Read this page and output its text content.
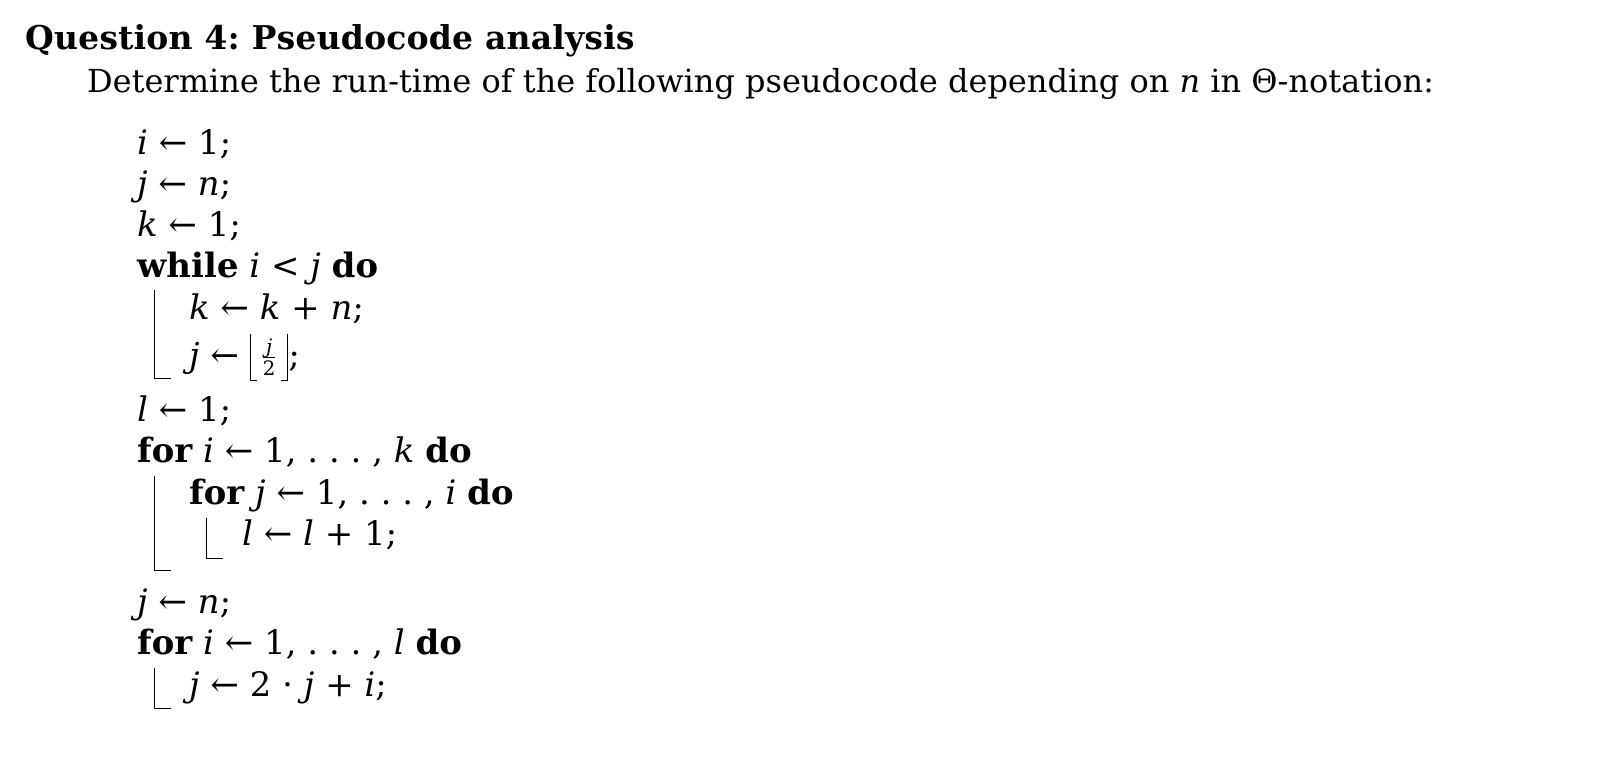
Question 4: Pseudocode analysis
Determine the run-time of the following pseudocode depending on n in Θ-notation:
i ← 1;
j ← n;
k ← 1;
while i < j do
k ← k + n;
j ← $\frac{j}{2}$ ;
l ← 1;
for i ← 1, . . . , k do
for j ← 1, . . . , i do
l ← l + 1;
j ← n;
for i ← 1, . . . , l do
j ← 2 · j + i;
